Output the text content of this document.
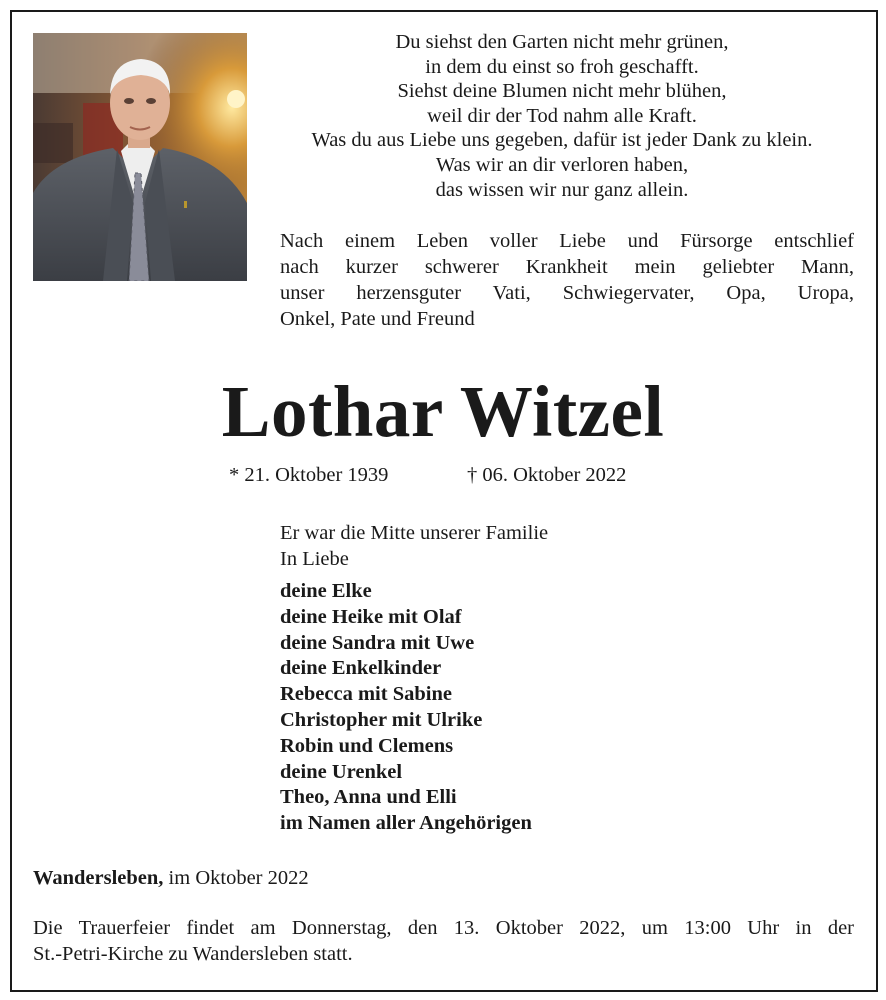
Du siehst den Garten nicht mehr grünen,
in dem du einst so froh geschafft.
Siehst deine Blumen nicht mehr blühen,
weil dir der Tod nahm alle Kraft.
Was du aus Liebe uns gegeben, dafür ist jeder Dank zu klein.
Was wir an dir verloren haben,
das wissen wir nur ganz allein.
Nach einem Leben voller Liebe und Fürsorge entschlief
nach kurzer schwerer Krankheit mein geliebter Mann,
unser herzensguter Vati, Schwiegervater, Opa, Uropa,
Onkel, Pate und Freund
Lothar Witzel
* 21. Oktober 1939	† 06. Oktober 2022
Er war die Mitte unserer Familie
In Liebe
deine Elke
deine Heike mit Olaf
deine Sandra mit Uwe
deine Enkelkinder
Rebecca mit Sabine
Christopher mit Ulrike
Robin und Clemens
deine Urenkel
Theo, Anna und Elli
im Namen aller Angehörigen
Wandersleben, im Oktober 2022
Die Trauerfeier findet am Donnerstag, den 13. Oktober 2022, um 13:00 Uhr in der
St.-Petri-Kirche zu Wandersleben statt.
